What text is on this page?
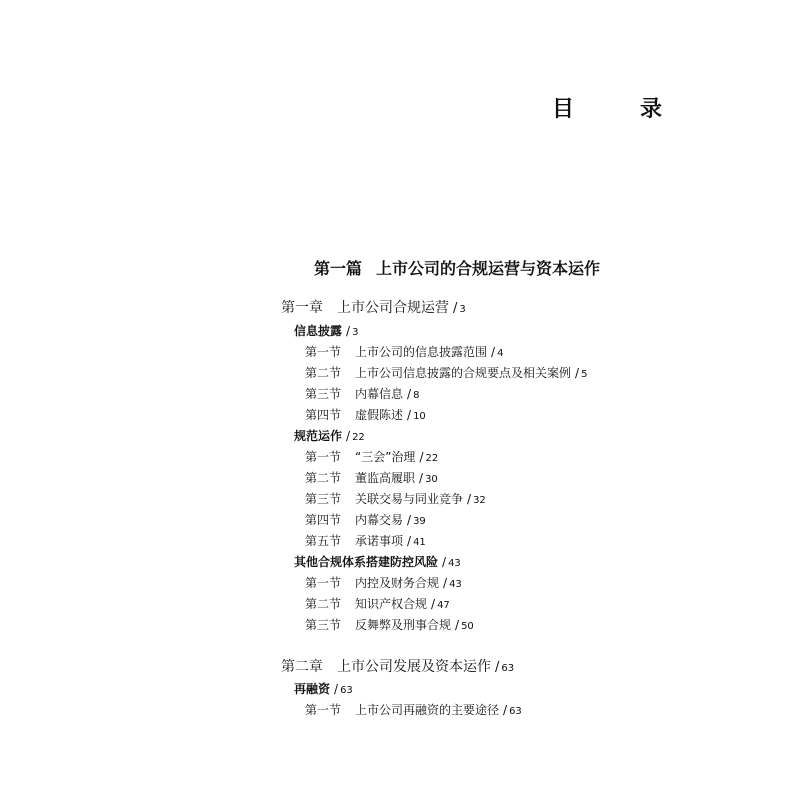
目　录
第一篇 上市公司的合规运营与资本运作
第一章 上市公司合规运营 / 3
信息披露 / 3
第一节 上市公司的信息披露范围 / 4
第二节 上市公司信息披露的合规要点及相关案例 / 5
第三节 内幕信息 / 8
第四节 虚假陈述 / 10
规范运作 / 22
第一节 “三会”治理 / 22
第二节 董监高履职 / 30
第三节 关联交易与同业竞争 / 32
第四节 内幕交易 / 39
第五节 承诺事项 / 41
其他合规体系搭建防控风险 / 43
第一节 内控及财务合规 / 43
第二节 知识产权合规 / 47
第三节 反舞弊及刑事合规 / 50
第二章 上市公司发展及资本运作 / 63
再融资 / 63
第一节 上市公司再融资的主要途径 / 63
